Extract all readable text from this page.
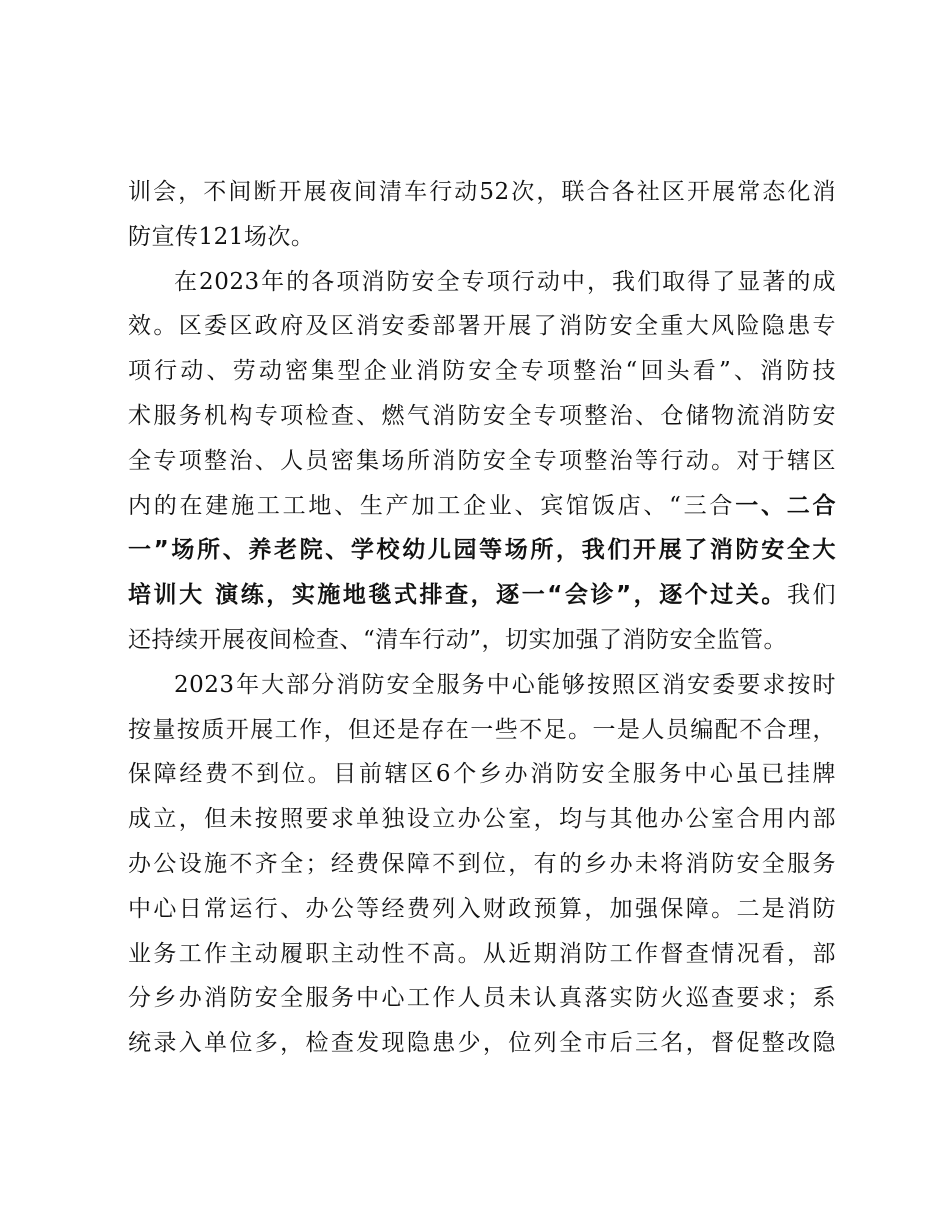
训会，不间断开展夜间清车行动52次，联合各社区开展常态化消
防宣传121场次。
在2023年的各项消防安全专项行动中，我们取得了显著的成
效。区委区政府及区消安委部署开展了消防安全重大风险隐患专
项行动、劳动密集型企业消防安全专项整治“回头看”、消防技
术服务机构专项检查、燃气消防安全专项整治、仓储物流消防安
全专项整治、人员密集场所消防安全专项整治等行动。对于辖区
内的在建施工工地、生产加工企业、宾馆饭店、“三合一、二合
一”场所、养老院、学校幼儿园等场所，我们开展了消防安全大
培训大 演练，实施地毯式排查，逐一“会诊”，逐个过关。我们
还持续开展夜间检查、“清车行动”，切实加强了消防安全监管。
2023年大部分消防安全服务中心能够按照区消安委要求按时
按量按质开展工作，但还是存在一些不足。一是人员编配不合理，
保障经费不到位。目前辖区6个乡办消防安全服务中心虽已挂牌
成立，但未按照要求单独设立办公室，均与其他办公室合用内部
办公设施不齐全；经费保障不到位，有的乡办未将消防安全服务
中心日常运行、办公等经费列入财政预算，加强保障。二是消防
业务工作主动履职主动性不高。从近期消防工作督查情况看，部
分乡办消防安全服务中心工作人员未认真落实防火巡查要求；系
统录入单位多，检查发现隐患少，位列全市后三名，督促整改隐
